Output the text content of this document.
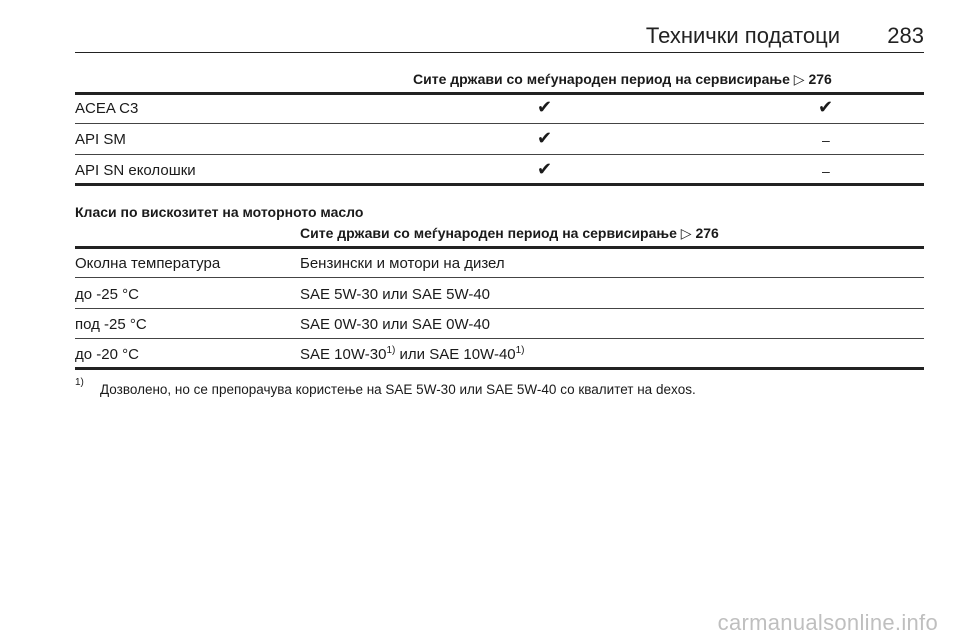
Технички податоци 283
Сите држави со меѓународен период на сервисирање ▷ 276
ACEA C3	✔	✔
API SM	✔	–
API SN еколошки	✔	–
Класи по вискозитет на моторното масло
Сите држави со меѓународен период на сервисирање ▷ 276
Околна температура	Бензински и мотори на дизел
до -25 °C	SAE 5W-30 или SAE 5W-40
под -25 °C	SAE 0W-30 или SAE 0W-40
до -20 °C	SAE 10W-30$^{1)}$ или SAE 10W-40$^{1)}$
1) Дозволено, но се препорачува користење на SAE 5W-30 или SAE 5W-40 со квалитет на dexos.
carmanualsonline.info
